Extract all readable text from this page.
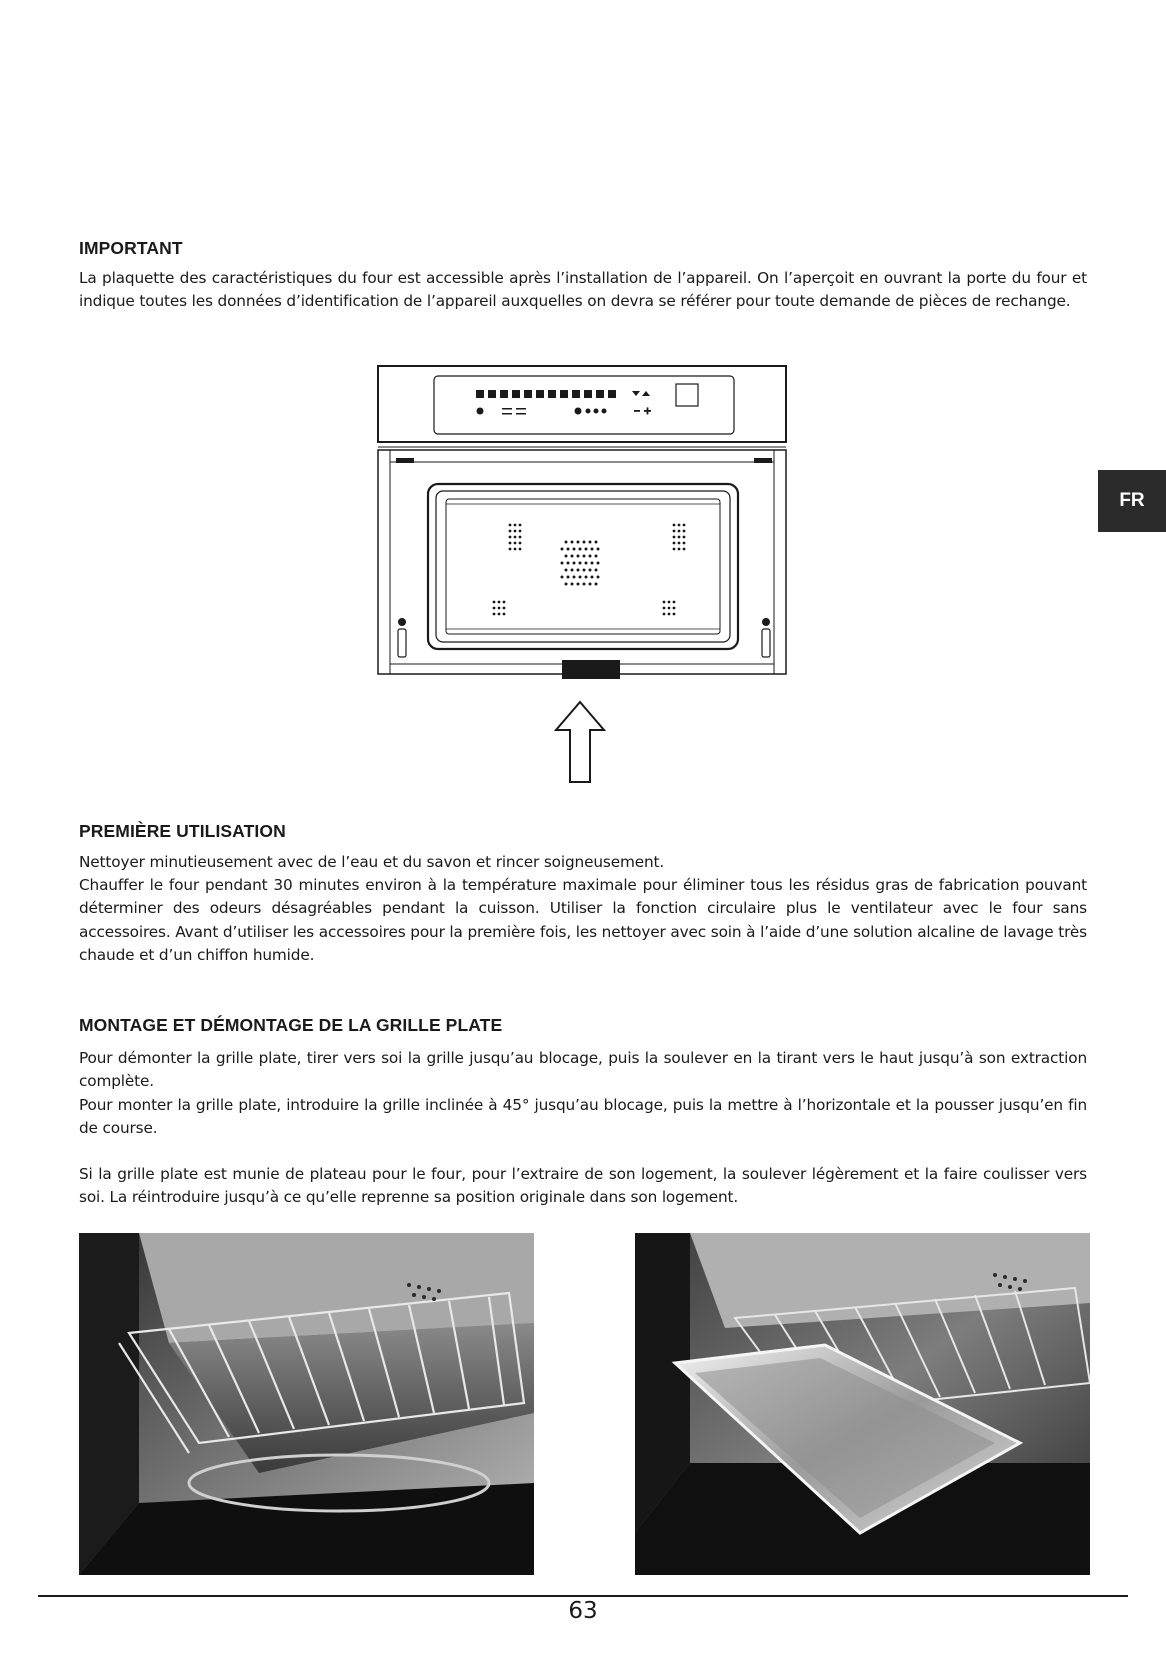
FR
IMPORTANT

La plaquette des caractéristiques du four est accessible après l’installation de l’appareil. On l’aperçoit en ouvrant la porte du four et indique toutes les données d’identification de l’appareil auxquelles on devra se référer pour toute demande de pièces de rechange.

PREMIÈRE UTILISATION

Nettoyer minutieusement avec de l’eau et du savon et rincer soigneusement.

Chauffer le four pendant 30 minutes environ à la température maximale pour éliminer tous les résidus gras de fabrication pouvant déterminer des odeurs désagréables pendant la cuisson. Utiliser la fonction circulaire plus le ventilateur avec le four sans accessoires. Avant d’utiliser les accessoires pour la première fois, les nettoyer avec soin à l’aide d’une solution alcaline de lavage très chaude et d’un chiffon humide.

MONTAGE ET DÉMONTAGE DE LA GRILLE PLATE

Pour démonter la grille plate, tirer vers soi la grille jusqu’au blocage, puis la soulever en la tirant vers le haut jusqu’à son extraction complète.

Pour monter la grille plate, introduire la grille inclinée à 45° jusqu’au blocage, puis la mettre à l’horizontale et la pousser jusqu’en fin de course.

Si la grille plate est munie de plateau pour le four, pour l’extraire de son logement, la soulever légèrement et la faire coulisser vers soi. La réintroduire jusqu’à ce qu’elle reprenne sa position originale dans son logement.

63
